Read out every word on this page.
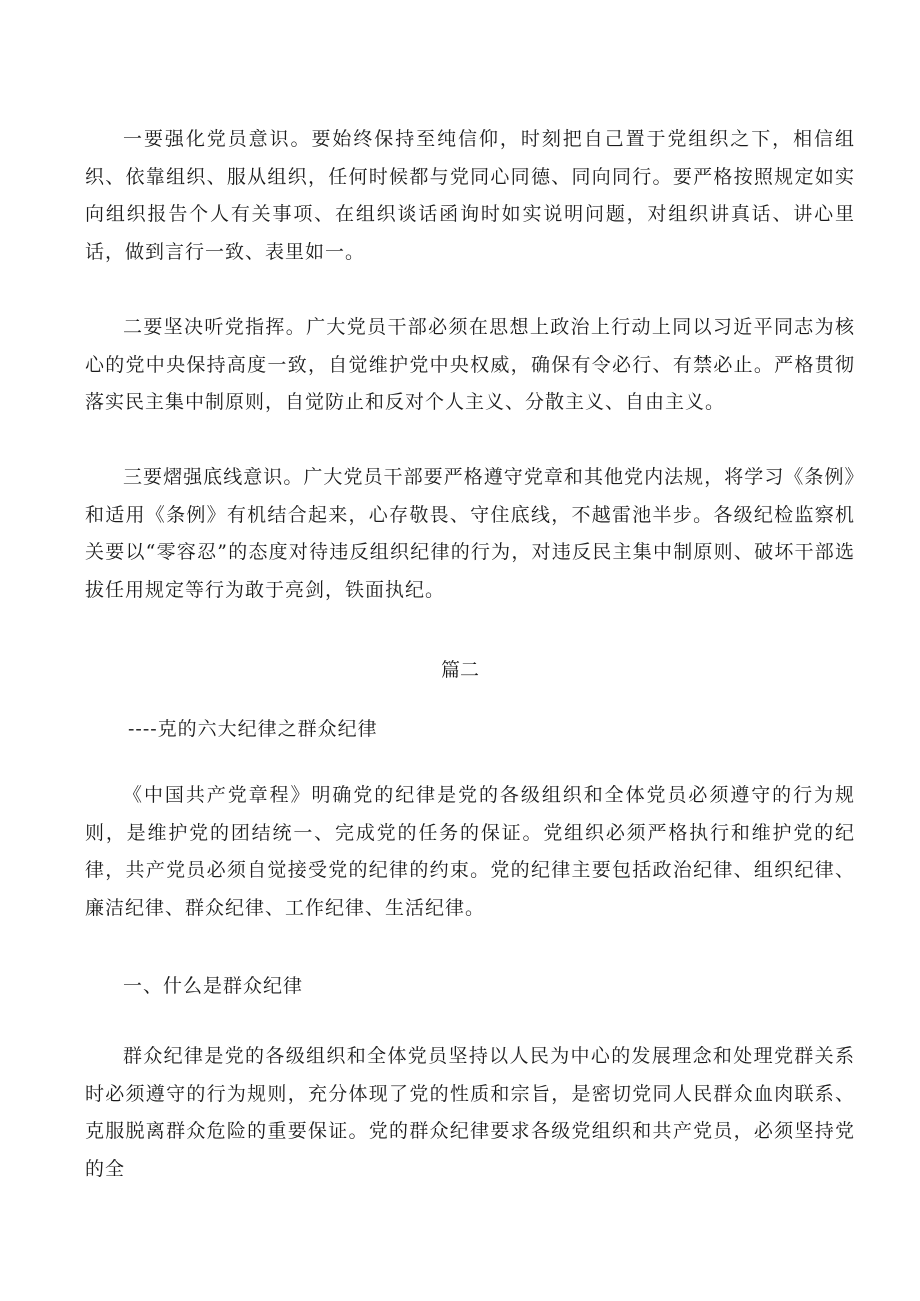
一要强化党员意识。要始终保持至纯信仰，时刻把自己置于党组织之下，相信组织、依靠组织、服从组织，任何时候都与党同心同德、同向同行。要严格按照规定如实向组织报告个人有关事项、在组织谈话函询时如实说明问题，对组织讲真话、讲心里话，做到言行一致、表里如一。

二要坚决听党指挥。广大党员干部必须在思想上政治上行动上同以习近平同志为核心的党中央保持高度一致，自觉维护党中央权威，确保有令必行、有禁必止。严格贯彻落实民主集中制原则，自觉防止和反对个人主义、分散主义、自由主义。

三要熠强底线意识。广大党员干部要严格遵守党章和其他党内法规，将学习《条例》和适用《条例》有机结合起来，心存敬畏、守住底线，不越雷池半步。各级纪检监察机关要以“零容忍”的态度对待违反组织纪律的行为，对违反民主集中制原则、破坏干部选拔任用规定等行为敢于亮剑，铁面执纪。

篇二

----克的六大纪律之群众纪律

《中国共产党章程》明确党的纪律是党的各级组织和全体党员必须遵守的行为规则，是维护党的团结统一、完成党的任务的保证。党组织必须严格执行和维护党的纪律，共产党员必须自觉接受党的纪律的约束。党的纪律主要包括政治纪律、组织纪律、廉洁纪律、群众纪律、工作纪律、生活纪律。

一、什么是群众纪律

群众纪律是党的各级组织和全体党员坚持以人民为中心的发展理念和处理党群关系时必须遵守的行为规则，充分体现了党的性质和宗旨，是密切党同人民群众血肉联系、克服脱离群众危险的重要保证。党的群众纪律要求各级党组织和共产党员，必须坚持党的全
